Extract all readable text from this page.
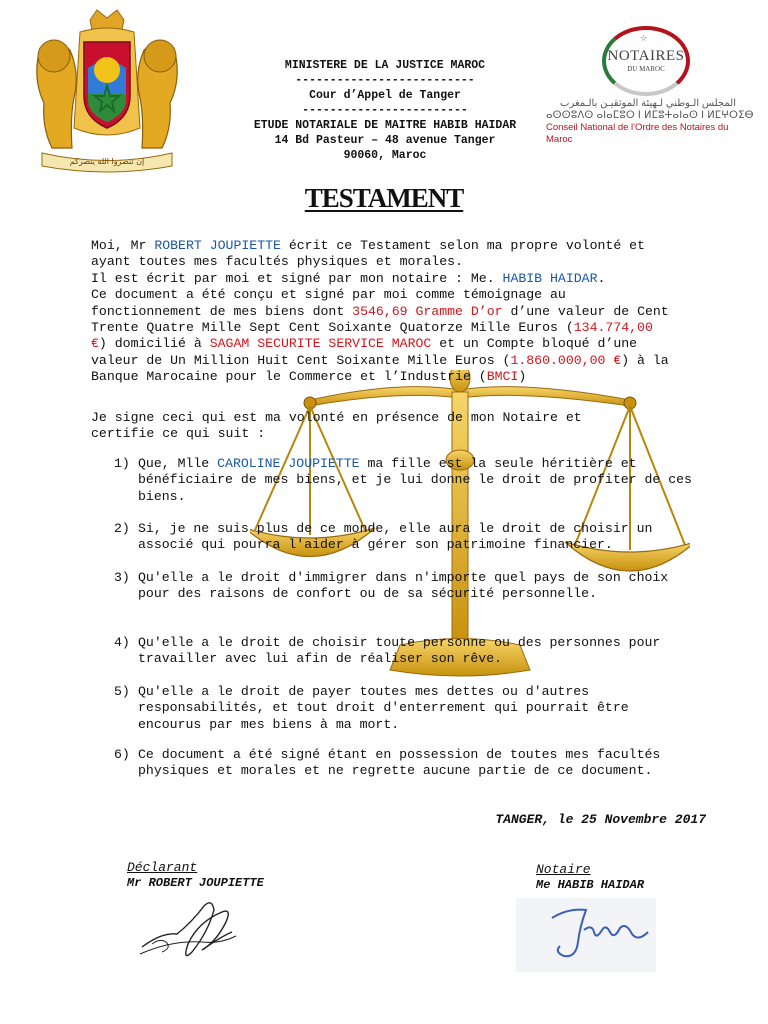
إن تنصروا الله ينصركم
MINISTERE DE LA JUSTICE MAROC
--------------------------
Cour d’Appel de Tanger
------------------------
ETUDE NOTARIALE DE MAITRE HABIB HAIDAR
14 Bd Pasteur – 48 avenue Tanger
90060, Maroc
☆
NOTAIRES
DU MAROC
المجلس الـوطني لـهيئة الموثقيـن بالـمغرب
ⴰⵙⵙⵓⴷⵙ ⴰⵏⴰⵎⵓⵔ ⵏ ⵍⵎⵓⵜⴰⵏⴰⵙ ⵏ ⵍⵎⵖⵔⵉⴱ
Conseil National de l'Ordre des Notaires du Maroc
TESTAMENT

Moi, Mr ROBERT JOUPIETTE écrit ce Testament selon ma propre volonté et ayant toutes mes facultés physiques et morales.

Il est écrit par moi et signé par mon notaire : Me. HABIB HAIDAR.

Ce document a été conçu et signé par moi comme témoignage au fonctionnement de mes biens dont 3546,69 Gramme D’or d’une valeur de Cent Trente Quatre Mille Sept Cent Soixante Quatorze Mille Euros (134.774,00 €) domicilié à SAGAM SECURITE SERVICE MAROC et un Compte bloqué d’une valeur de Un Million Huit Cent Soixante Mille Euros (1.860.000,00 €) à la Banque Marocaine pour le Commerce et l’Industrie (BMCI)

Je signe ceci qui est ma volonté en présence de mon Notaire et certifie ce qui suit :
1) Que, Mlle CAROLINE JOUPIETTE ma fille est la seule héritière et bénéficiaire de mes biens, et je lui donne le droit de profiter de ces biens.
2) Si, je ne suis plus de ce monde, elle aura le droit de choisir un associé qui pourra l'aider à gérer son patrimoine financier.
3) Qu'elle a le droit d'immigrer dans n'importe quel pays de son choix pour des raisons de confort ou de sa sécurité personnelle.
4) Qu'elle a le droit de choisir toute personne ou des personnes pour travailler avec lui afin de réaliser son rêve.
5) Qu'elle a le droit de payer toutes mes dettes ou d'autres responsabilités, et tout droit d'enterrement qui pourrait être encourus par mes biens à ma mort.
6) Ce document a été signé étant en possession de toutes mes facultés physiques et morales et ne regrette aucune partie de ce document.
TANGER, le 25 Novembre 2017
Déclarant
Mr ROBERT JOUPIETTE
Notaire
Me HABIB HAIDAR
